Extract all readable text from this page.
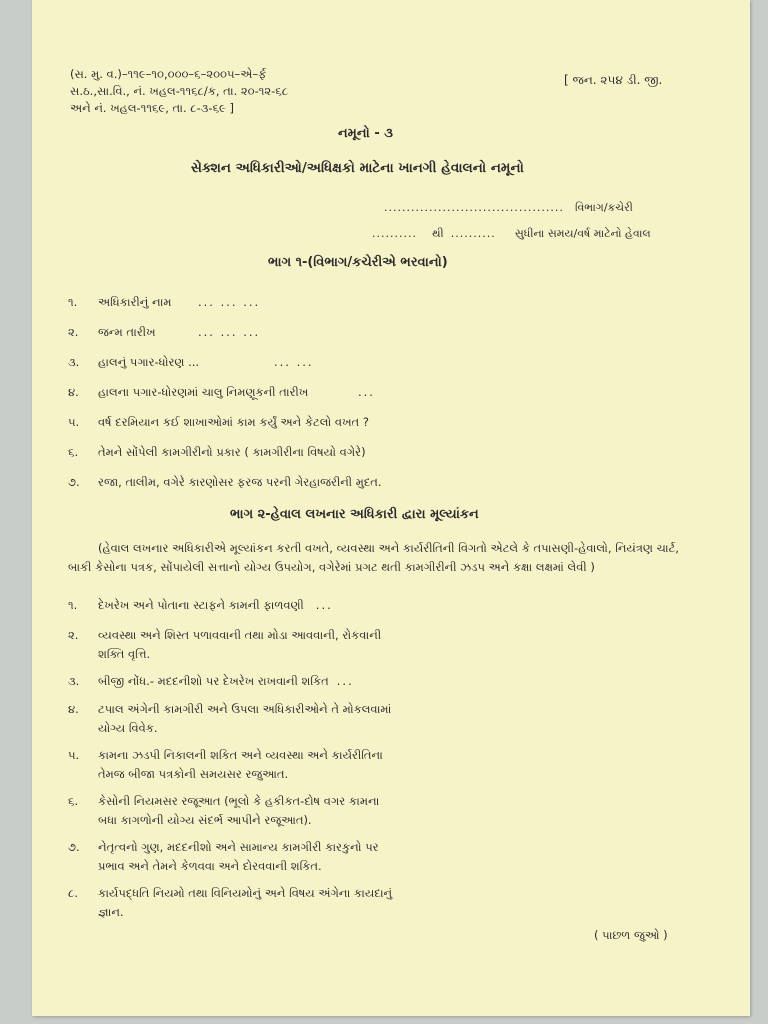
(સ. મુ. વ.)–૧૧૯–૧૦,૦૦૦–૬–૨૦૦૫–એ–ર્ફ
સ.ઠ.,સા.વિ., નં. ખહલ-૧૧૬૮/ક, તા. ૨૦-૧૨-૬૮
અને નં. ખહલ-૧૧૬૯, તા. ૮-૩-૬૯ ]
[ જન. ૨૫૪ ડી. જી.
નમૂનો - ૩
સેક્શન અધિકારીઓ/અધિક્ષકો માટેના ખાનગી હેવાલનો નમૂનો
........................................ વિભાગ/કચેરી
.......... થી .......... સુધીના સમય/વર્ષ માટેનો હેવાલ
ભાગ ૧-(વિભાગ/કચેરીએ ભરવાનો)
૧. અધિકારીનું નામ ... ... ...
૨. જન્મ તારીખ	... ... ...
૩. હાલનું પગાર-ધોરણ ...	... ...
૪. હાલના પગાર-ધોરણમાં ચાલુ નિમણૂકની તારીખ	...
૫. વર્ષ દરમિયાન કઈ શાખાઓમાં કામ કર્યું અને કેટલો વખત ?
૬. તેમને સોંપેલી કામગીરીનો પ્રકાર ( કામગીરીના વિષયો વગેરે)
૭. રજા, તાલીમ, વગેરે કારણોસર ફરજ પરની ગેરહાજરીની મુદત.
ભાગ ૨-હેવાલ લખનાર અધિકારી દ્વારા મૂલ્યાંકન
(હેવાલ લખનાર અધિકારીએ મૂલ્યાંકન કરતી વખતે, વ્યવસ્થા અને કાર્યરીતિની વિગતો એટલે કે તપાસણી-હેવાલો, નિયંત્રણ ચાર્ટ,
બાકી કેસોના પત્રક, સોંપાયેલી સત્તાનો યોગ્ય ઉપયોગ, વગેરેમાં પ્રગટ થતી કામગીરીની ઝડપ અને કક્ષા લક્ષમાં લેવી )
૧.	દેખરેખ અને પોતાના સ્ટાફને કામની ફાળવણી ...
૨.	વ્યવસ્થા અને શિસ્ત પળાવવાની તથા મોડા આવવાની, રોકવાની શક્તિ વૃત્તિ.
૩.	બીજી નોંધ.- મદદનીશો પર દેખરેખ રાખવાની શકિત ...
૪.	ટપાલ અંગેની કામગીરી અને ઉપલા અધિકારીઓને તે મોકલવામાં યોગ્ય વિવેક.
૫.	કામના ઝડપી નિકાલની શકિત અને વ્યવસ્થા અને કાર્યરીતિના તેમજ બીજા પત્રકોની સમયસર રજુઆત.
૬.	કેસોની નિયમસર રજૂઆત (ભૂલો કે હકીકત-દોષ વગર કામના બધા કાગળોની યોગ્ય સંદર્ભ આપીને રજૂઆત).
૭.	નેતૃત્વનો ગુણ, મદદનીશો અને સામાન્ય કામગીરી કારકુનો પર પ્રભાવ અને તેમને કેળવવા અને દોરવવાની શકિત.
૮.	કાર્યપદ્ધતિ નિયમો તથા વિનિયમોનું અને વિષય અંગેના કાયદાનું જ્ઞાન.
( પાછળ જુઓ )
